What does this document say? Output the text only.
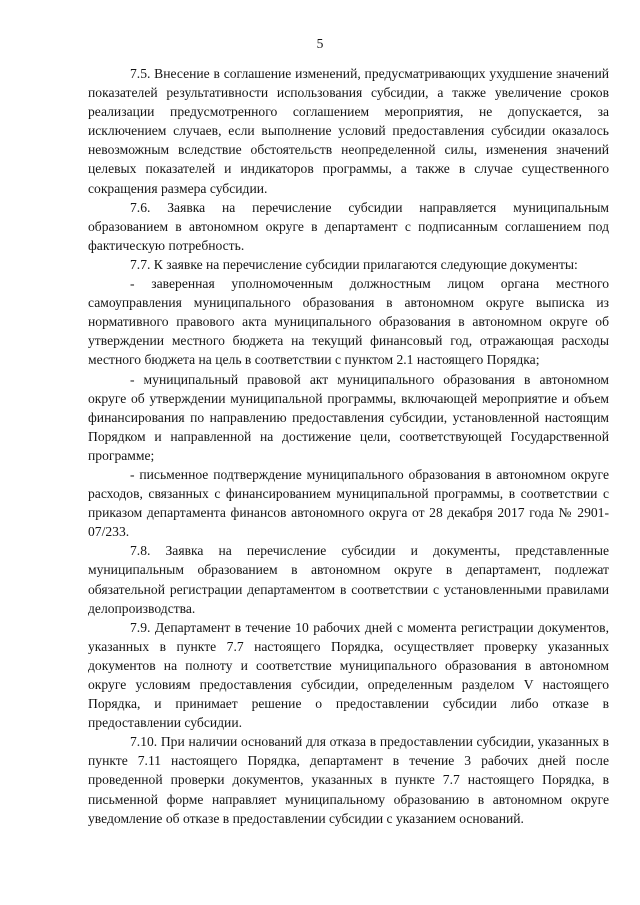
5

7.5. Внесение в соглашение изменений, предусматривающих ухудшение значений показателей результативности использования субсидии, а также увеличение сроков реализации предусмотренного соглашением мероприятия, не допускается, за исключением случаев, если выполнение условий предоставления субсидии оказалось невозможным вследствие обстоятельств неопределенной силы, изменения значений целевых показателей и индикаторов программы, а также в случае существенного сокращения размера субсидии.

7.6. Заявка на перечисление субсидии направляется муниципальным образованием в автономном округе в департамент с подписанным соглашением под фактическую потребность.

7.7. К заявке на перечисление субсидии прилагаются следующие документы:

- заверенная уполномоченным должностным лицом органа местного самоуправления муниципального образования в автономном округе выписка из нормативного правового акта муниципального образования в автономном округе об утверждении местного бюджета на текущий финансовый год, отражающая расходы местного бюджета на цель в соответствии с пунктом 2.1 настоящего Порядка;

- муниципальный правовой акт муниципального образования в автономном округе об утверждении муниципальной программы, включающей мероприятие и объем финансирования по направлению предоставления субсидии, установленной настоящим Порядком и направленной на достижение цели, соответствующей Государственной программе;

- письменное подтверждение муниципального образования в автономном округе расходов, связанных с финансированием муниципальной программы, в соответствии с приказом департамента финансов автономного округа от 28 декабря 2017 года № 2901-07/233.

7.8. Заявка на перечисление субсидии и документы, представленные муниципальным образованием в автономном округе в департамент, подлежат обязательной регистрации департаментом в соответствии с установленными правилами делопроизводства.

7.9. Департамент в течение 10 рабочих дней с момента регистрации документов, указанных в пункте 7.7 настоящего Порядка, осуществляет проверку указанных документов на полноту и соответствие муниципального образования в автономном округе условиям предоставления субсидии, определенным разделом V настоящего Порядка, и принимает решение о предоставлении субсидии либо отказе в предоставлении субсидии.

7.10. При наличии оснований для отказа в предоставлении субсидии, указанных в пункте 7.11 настоящего Порядка, департамент в течение 3 рабочих дней после проведенной проверки документов, указанных в пункте 7.7 настоящего Порядка, в письменной форме направляет муниципальному образованию в автономном округе уведомление об отказе в предоставлении субсидии с указанием оснований.
